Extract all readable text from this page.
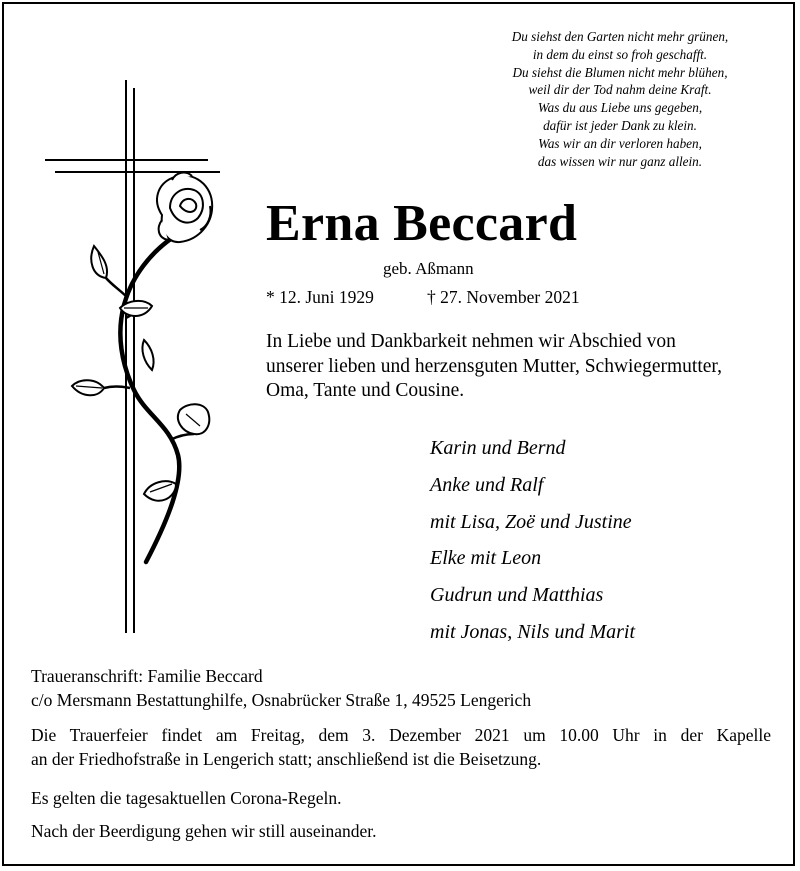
Du siehst den Garten nicht mehr grünen,
in dem du einst so froh geschafft.
Du siehst die Blumen nicht mehr blühen,
weil dir der Tod nahm deine Kraft.
Was du aus Liebe uns gegeben,
dafür ist jeder Dank zu klein.
Was wir an dir verloren haben,
das wissen wir nur ganz allein.
Erna Beccard
geb. Aßmann
* 12. Juni 1929	† 27. November 2021
In Liebe und Dankbarkeit nehmen wir Abschied von
unserer lieben und herzensguten Mutter, Schwiegermutter,
Oma, Tante und Cousine.
Karin und Bernd
Anke und Ralf
mit Lisa, Zoë und Justine
Elke mit Leon
Gudrun und Matthias
mit Jonas, Nils und Marit
Traueranschrift: Familie Beccard
c/o Mersmann Bestattunghilfe, Osnabrücker Straße 1, 49525 Lengerich
Die Trauerfeier findet am Freitag, dem 3. Dezember 2021 um 10.00 Uhr in der Kapelle
an der Friedhofstraße in Lengerich statt; anschließend ist die Beisetzung.
Es gelten die tagesaktuellen Corona-Regeln.
Nach der Beerdigung gehen wir still auseinander.
